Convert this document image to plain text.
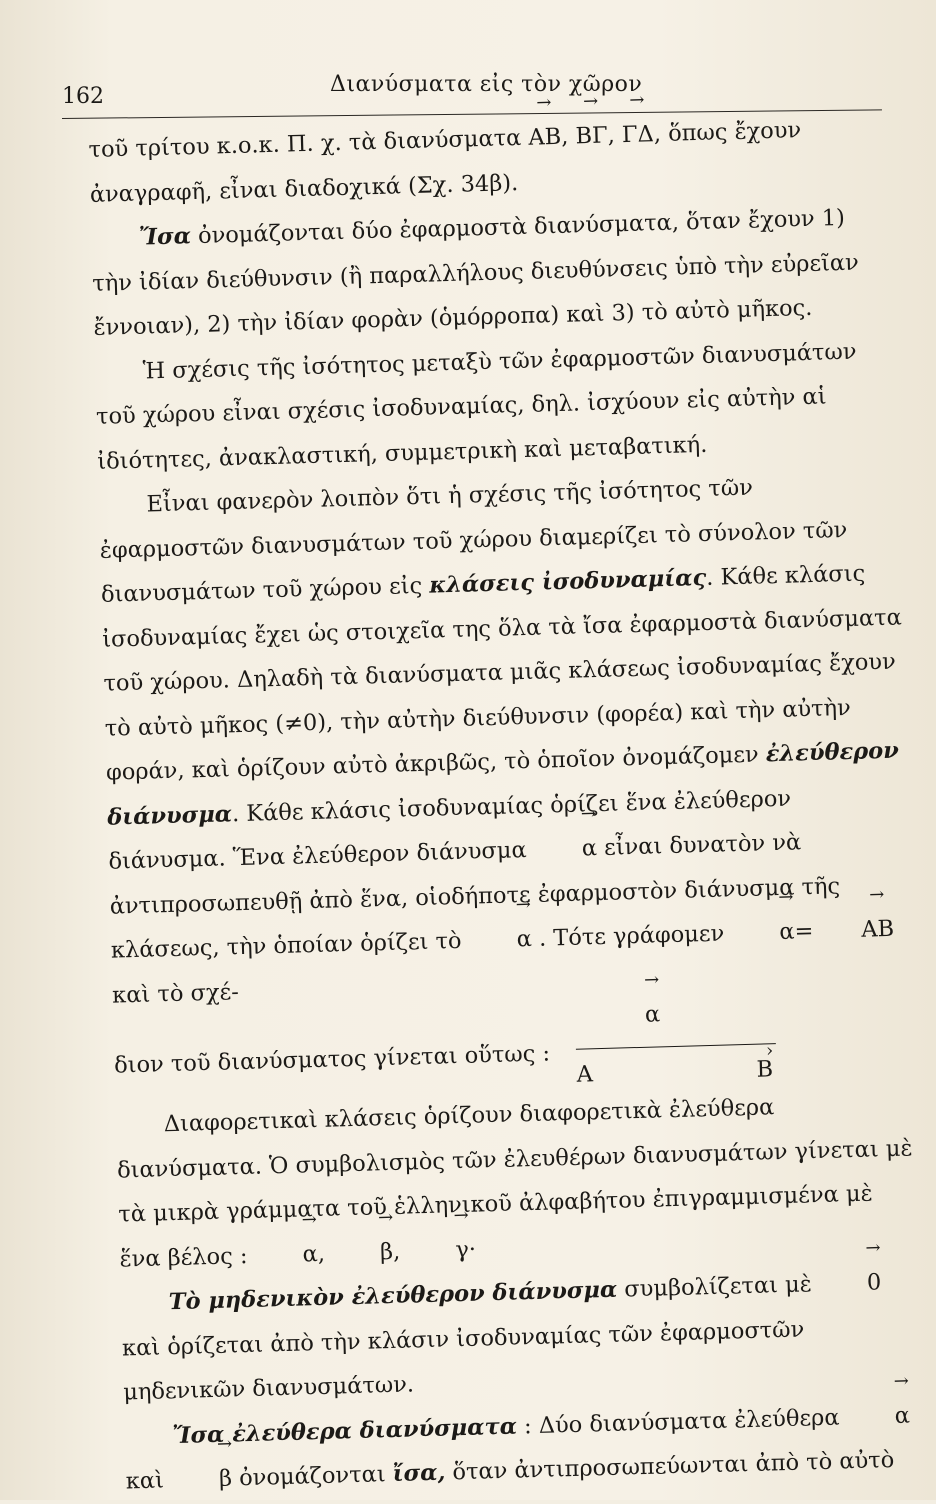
162	Διανύσματα εἰς τὸν χῶρον

τοῦ τρίτου κ.ο.κ. Π. χ. τὰ διανύσματα → AB, → BΓ, → ΓΔ, ὅπως ἔχουν ἀναγραφῆ, εἶναι διαδοχικά (Σχ. 34β).

Ἴσα ὀνομάζονται δύο ἐφαρμοστὰ διανύσματα, ὅταν ἔχουν 1) τὴν ἰδίαν διεύθυνσιν (ἢ παραλλήλους διευθύνσεις ὑπὸ τὴν εὐρεῖαν ἔννοιαν), 2) τὴν ἰδίαν φορὰν (ὁμόρροπα) καὶ 3) τὸ αὐτὸ μῆκος.

Ἡ σχέσις τῆς ἰσότητος μεταξὺ τῶν ἐφαρμοστῶν διανυσμάτων τοῦ χώρου εἶναι σχέσις ἰσοδυναμίας, δηλ. ἰσχύουν εἰς αὐτὴν αἱ ἰδιότητες, ἀνακλαστική, συμμετρικὴ καὶ μεταβατική.

Εἶναι φανερὸν λοιπὸν ὅτι ἡ σχέσις τῆς ἰσότητος τῶν ἐφαρμοστῶν διανυσμάτων τοῦ χώρου διαμερίζει τὸ σύνολον τῶν διανυσμάτων τοῦ χώρου εἰς κλάσεις ἰσοδυναμίας. Κάθε κλάσις ἰσοδυναμίας ἔχει ὡς στοιχεῖα της ὅλα τὰ ἴσα ἐφαρμοστὰ διανύσματα τοῦ χώρου. Δηλαδὴ τὰ διανύσματα μιᾶς κλάσεως ἰσοδυναμίας ἔχουν τὸ αὐτὸ μῆκος (≠0), τὴν αὐτὴν διεύθυνσιν (φορέα) καὶ τὴν αὐτὴν φοράν, καὶ ὁρίζουν αὐτὸ ἀκριβῶς, τὸ ὁποῖον ὀνομάζομεν ἐλεύθερον διάνυσμα. Κάθε κλάσις ἰσοδυναμίας ὁρίζει ἕνα ἐλεύθερον διάνυσμα. Ἕνα ἐλεύθερον διάνυσμα → α εἶναι δυνατὸν νὰ ἀντιπροσωπευθῇ ἀπὸ ἕνα, οἱοδήποτε ἐφαρμοστὸν διάνυσμα τῆς κλάσεως, τὴν ὁποίαν ὁρίζει τὸ → α . Τότε γράφομεν → α=→ AB καὶ τὸ σχέ-

διον τοῦ διανύσματος γίνεται οὕτως :
→ α
›
A	B

Διαφορετικαὶ κλάσεις ὁρίζουν διαφορετικὰ ἐλεύθερα διανύσματα. Ὁ συμβολισμὸς τῶν ἐλευθέρων διανυσμάτων γίνεται μὲ τὰ μικρὰ γράμματα τοῦ ἑλληνικοῦ ἀλφαβήτου ἐπιγραμμισμένα μὲ ἕνα βέλος : → α, → β, → γ·

Τὸ μηδενικὸν ἐλεύθερον διάνυσμα συμβολίζεται μὲ → 0 καὶ ὁρίζεται ἀπὸ τὴν κλάσιν ἰσοδυναμίας τῶν ἐφαρμοστῶν μηδενικῶν διανυσμάτων.

Ἴσα ἐλεύθερα διανύσματα : Δύο διανύσματα ἐλεύθερα → α καὶ → β ὀνομάζονται ἴσα, ὅταν ἀντιπροσωπεύωνται ἀπὸ τὸ αὐτὸ
